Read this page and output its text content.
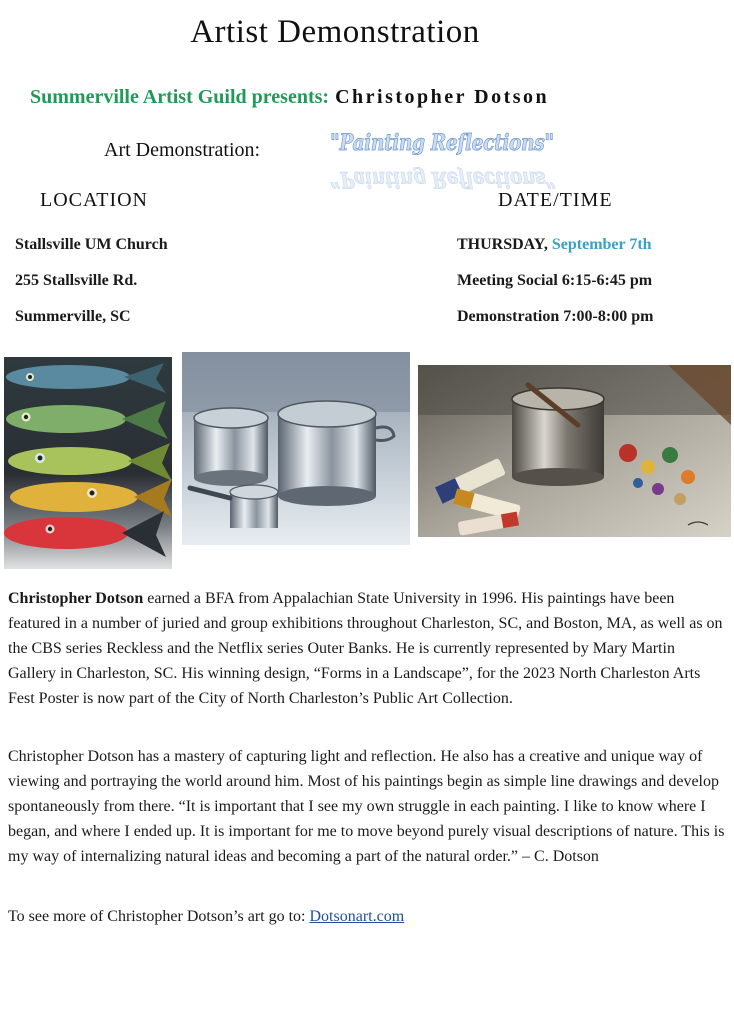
Artist Demonstration
Summerville Artist Guild presents: Christopher Dotson
Art Demonstration:	"Painting Reflections"
“Painting Reflections”
LOCATION	DATE/TIME
Stallsville UM Church
255 Stallsville Rd.
Summerville, SC
THURSDAY, September 7th
Meeting Social 6:15-6:45 pm
Demonstration 7:00-8:00 pm

Christopher Dotson earned a BFA from Appalachian State University in 1996. His paintings have been featured in a number of juried and group exhibitions throughout Charleston, SC, and Boston, MA, as well as on the CBS series Reckless and the Netflix series Outer Banks. He is currently represented by Mary Martin Gallery in Charleston, SC. His winning design, “Forms in a Landscape”, for the 2023 North Charleston Arts Fest Poster is now part of the City of North Charleston’s Public Art Collection.

Christopher Dotson has a mastery of capturing light and reflection. He also has a creative and unique way of viewing and portraying the world around him. Most of his paintings begin as simple line drawings and develop spontaneously from there. “It is important that I see my own struggle in each painting. I like to know where I began, and where I ended up. It is important for me to move beyond purely visual descriptions of nature. This is my way of internalizing natural ideas and becoming a part of the natural order.” – C. Dotson

To see more of Christopher Dotson’s art go to: Dotsonart.com
